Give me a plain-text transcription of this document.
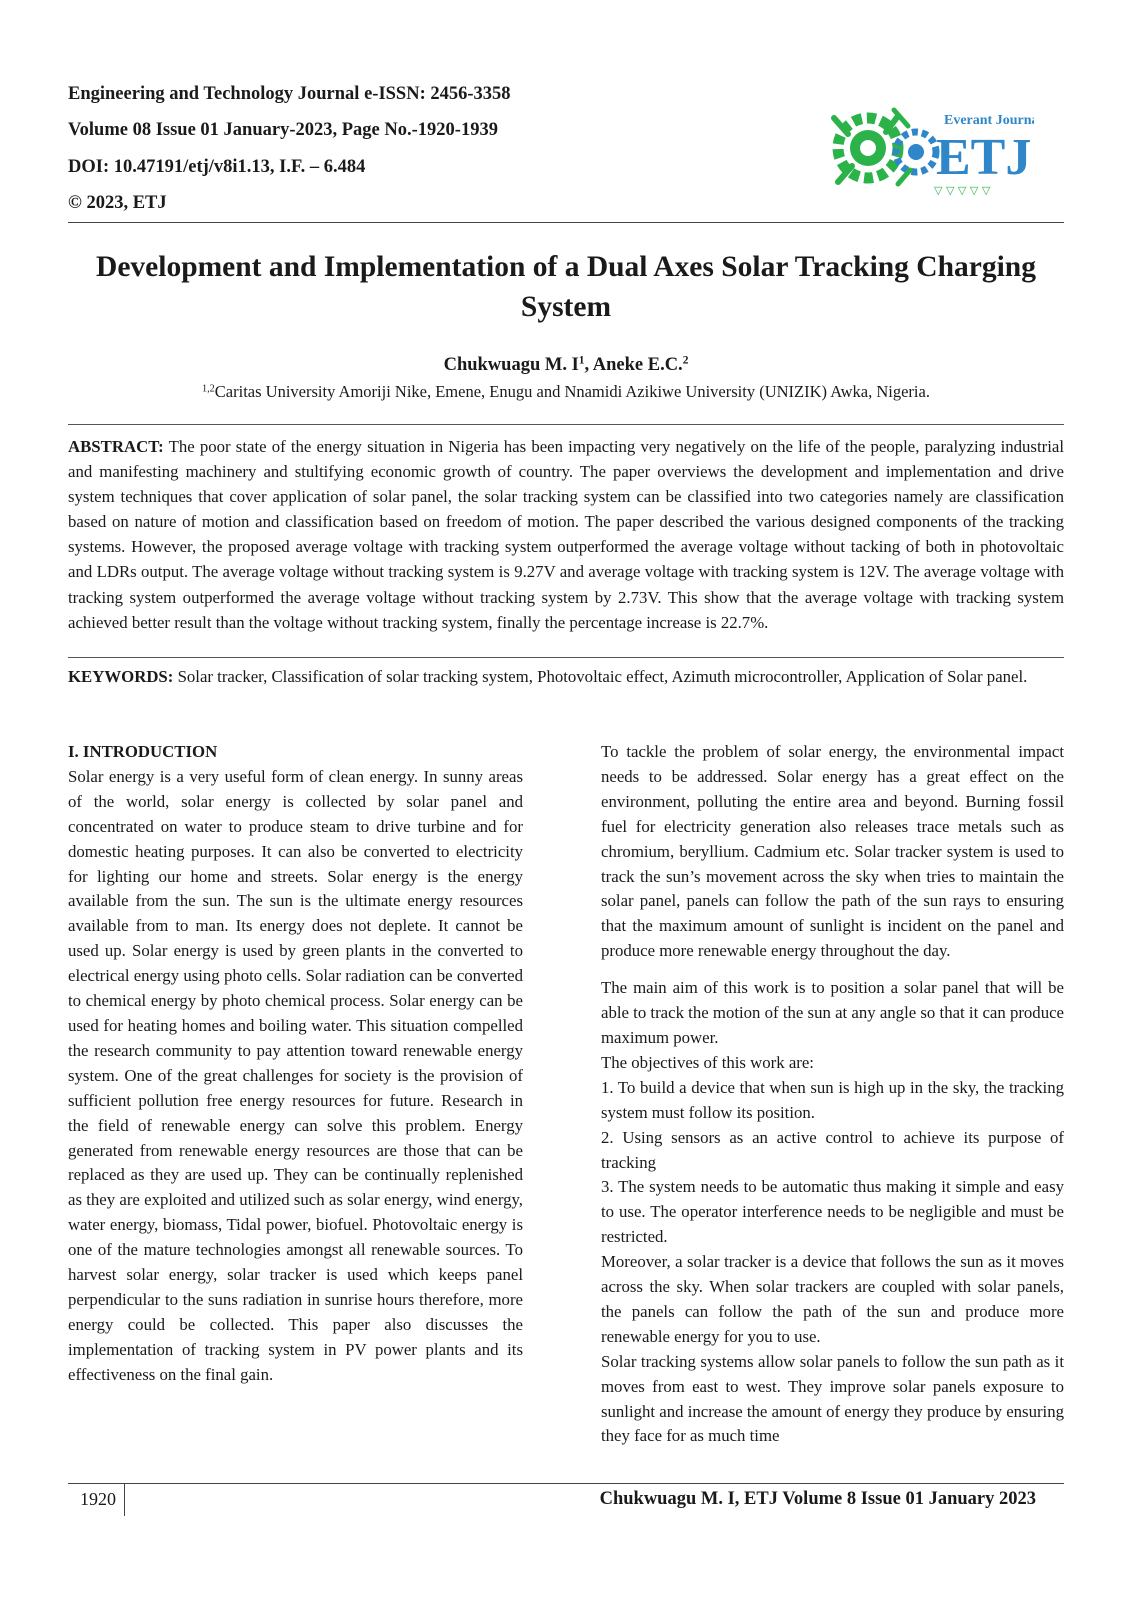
Engineering and Technology Journal e-ISSN: 2456-3358
Volume 08 Issue 01 January-2023, Page No.-1920-1939
DOI: 10.47191/etj/v8i1.13, I.F. – 6.484
© 2023, ETJ
Everant Journal
ETJ
▽ ▽ ▽ ▽ ▽
Development and Implementation of a Dual Axes Solar Tracking Charging System
Chukwuagu M. $I^1$, Aneke E.C.$^2$
$^{1,2}$Caritas University Amoriji Nike, Emene, Enugu and Nnamidi Azikiwe University (UNIZIK) Awka, Nigeria.
ABSTRACT: The poor state of the energy situation in Nigeria has been impacting very negatively on the life of the people, paralyzing industrial and manifesting machinery and stultifying economic growth of country. The paper overviews the development and implementation and drive system techniques that cover application of solar panel, the solar tracking system can be classified into two categories namely are classification based on nature of motion and classification based on freedom of motion. The paper described the various designed components of the tracking systems. However, the proposed average voltage with tracking system outperformed the average voltage without tacking of both in photovoltaic and LDRs output. The average voltage without tracking system is 9.27V and average voltage with tracking system is 12V. The average voltage with tracking system outperformed the average voltage without tracking system by 2.73V. This show that the average voltage with tracking system achieved better result than the voltage without tracking system, finally the percentage increase is 22.7%.
KEYWORDS: Solar tracker, Classification of solar tracking system, Photovoltaic effect, Azimuth microcontroller, Application of Solar panel.

I. INTRODUCTION

Solar energy is a very useful form of clean energy. In sunny areas of the world, solar energy is collected by solar panel and concentrated on water to produce steam to drive turbine and for domestic heating purposes. It can also be converted to electricity for lighting our home and streets. Solar energy is the energy available from the sun. The sun is the ultimate energy resources available from to man. Its energy does not deplete. It cannot be used up. Solar energy is used by green plants in the converted to electrical energy using photo cells. Solar radiation can be converted to chemical energy by photo chemical process. Solar energy can be used for heating homes and boiling water. This situation compelled the research community to pay attention toward renewable energy system. One of the great challenges for society is the provision of sufficient pollution free energy resources for future. Research in the field of renewable energy can solve this problem. Energy generated from renewable energy resources are those that can be replaced as they are used up. They can be continually replenished as they are exploited and utilized such as solar energy, wind energy, water energy, biomass, Tidal power, biofuel. Photovoltaic energy is one of the mature technologies amongst all renewable sources. To harvest solar energy, solar tracker is used which keeps panel perpendicular to the suns radiation in sunrise hours therefore, more energy could be collected. This paper also discusses the implementation of tracking system in PV power plants and its effectiveness on the final gain.

To tackle the problem of solar energy, the environmental impact needs to be addressed. Solar energy has a great effect on the environment, polluting the entire area and beyond. Burning fossil fuel for electricity generation also releases trace metals such as chromium, beryllium. Cadmium etc. Solar tracker system is used to track the sun’s movement across the sky when tries to maintain the solar panel, panels can follow the path of the sun rays to ensuring that the maximum amount of sunlight is incident on the panel and produce more renewable energy throughout the day.

The main aim of this work is to position a solar panel that will be able to track the motion of the sun at any angle so that it can produce maximum power.

The objectives of this work are:

1. To build a device that when sun is high up in the sky, the tracking system must follow its position.

2. Using sensors as an active control to achieve its purpose of tracking

3. The system needs to be automatic thus making it simple and easy to use. The operator interference needs to be negligible and must be restricted.

Moreover, a solar tracker is a device that follows the sun as it moves across the sky. When solar trackers are coupled with solar panels, the panels can follow the path of the sun and produce more renewable energy for you to use.

Solar tracking systems allow solar panels to follow the sun path as it moves from east to west. They improve solar panels exposure to sunlight and increase the amount of energy they produce by ensuring they face for as much time

1920	Chukwuagu M. I, ETJ Volume 8 Issue 01 January 2023
